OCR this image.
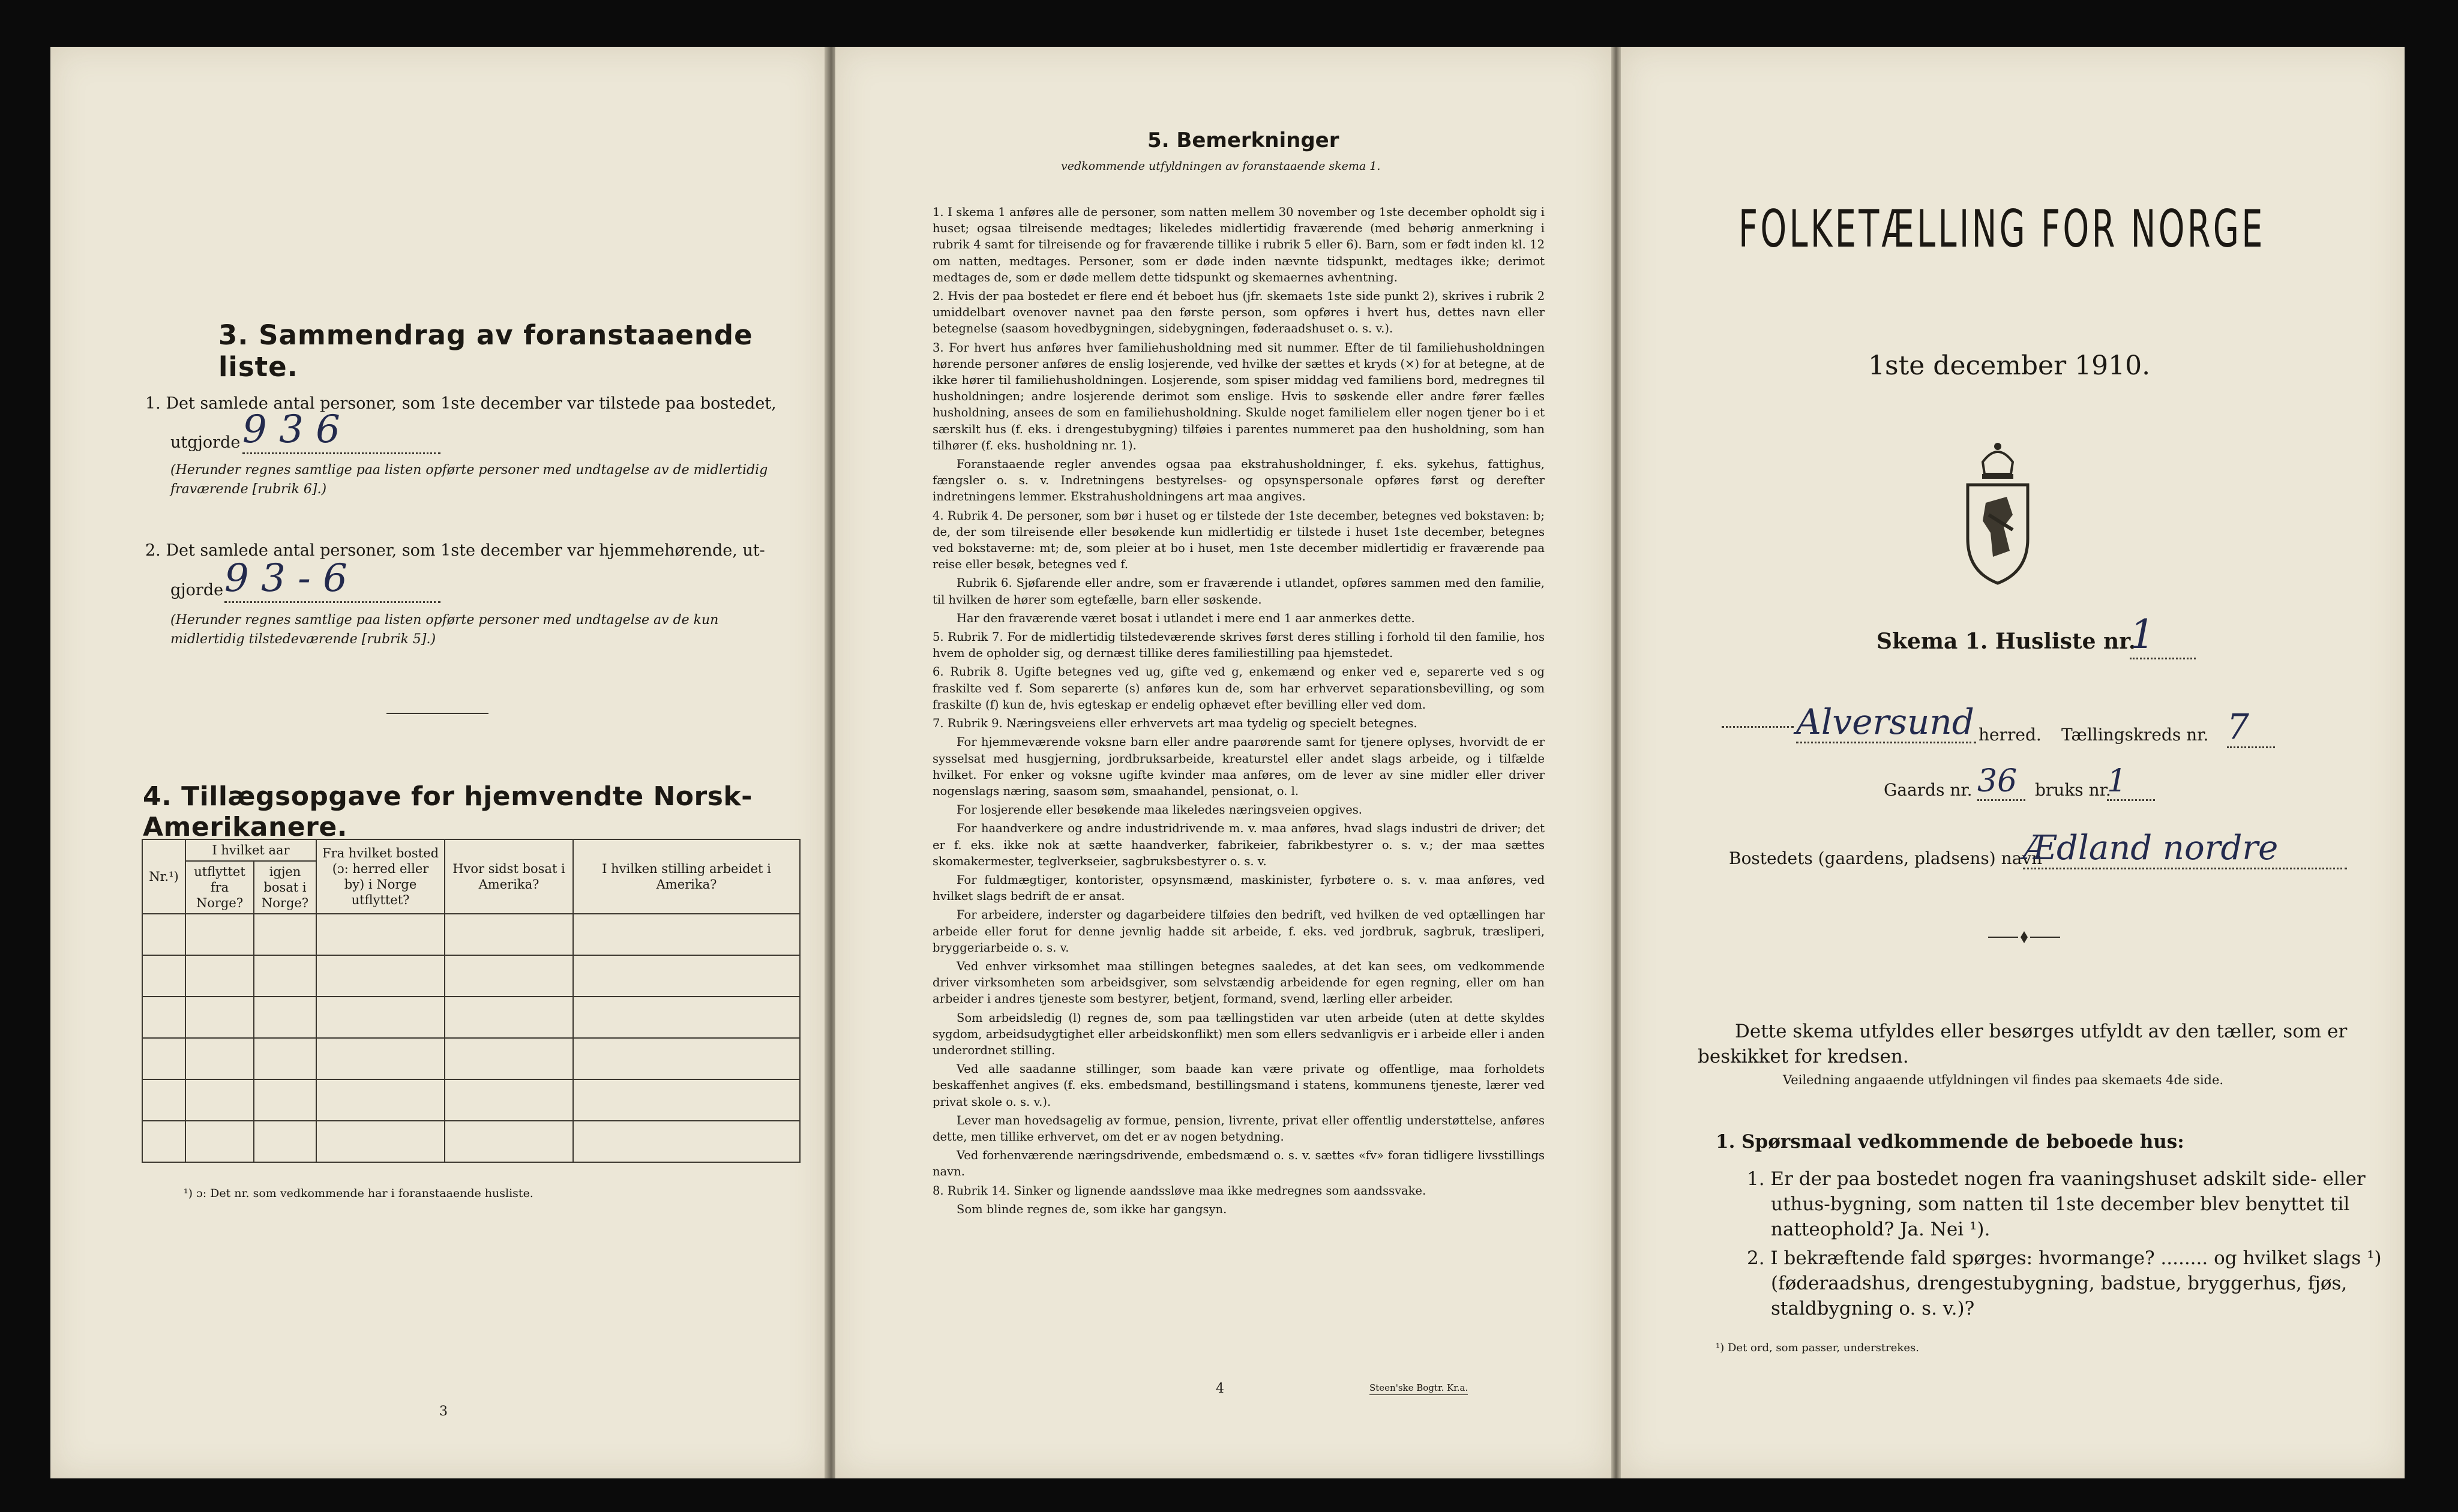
3. Sammendrag av foranstaaende liste.
1. Det samlede antal personer, som 1ste december var tilstede paa bostedet,
utgjorde 9 3 6
(Herunder regnes samtlige paa listen opførte personer med undtagelse av de midlertidig fraværende [rubrik 6].)
2. Det samlede antal personer, som 1ste december var hjemmehørende, ut-
gjorde 9 3 - 6
(Herunder regnes samtlige paa listen opførte personer med undtagelse av de kun midlertidig tilstedeværende [rubrik 5].)
4. Tillægsopgave for hjemvendte Norsk-Amerikanere.
Nr.¹)	I hvilket aar		Fra hvilket bosted (ɔ: herred eller by) i Norge utflyttet?	Hvor sidst bosat i Amerika?	I hvilken stilling arbeidet i Amerika?
	utflyttet fra Norge?	igjen bosat i Norge?			

¹) ɔ: Det nr. som vedkommende har i foranstaaende husliste.
3
5. Bemerkninger
vedkommende utfyldningen av foranstaaende skema 1.

1. I skema 1 anføres alle de personer, som natten mellem 30 november og 1ste december opholdt sig i huset; ogsaa tilreisende medtages; likeledes midlertidig fraværende (med behørig anmerkning i rubrik 4 samt for tilreisende og for fraværende tillike i rubrik 5 eller 6). Barn, som er født inden kl. 12 om natten, medtages. Personer, som er døde inden nævnte tidspunkt, medtages ikke; derimot medtages de, som er døde mellem dette tidspunkt og skemaernes avhentning.

2. Hvis der paa bostedet er flere end ét beboet hus (jfr. skemaets 1ste side punkt 2), skrives i rubrik 2 umiddelbart ovenover navnet paa den første person, som opføres i hvert hus, dettes navn eller betegnelse (saasom hovedbygningen, sidebygningen, føderaadshuset o. s. v.).

3. For hvert hus anføres hver familiehusholdning med sit nummer. Efter de til familiehusholdningen hørende personer anføres de enslig losjerende, ved hvilke der sættes et kryds (×) for at betegne, at de ikke hører til familiehusholdningen. Losjerende, som spiser middag ved familiens bord, medregnes til husholdningen; andre losjerende derimot som enslige. Hvis to søskende eller andre fører fælles husholdning, ansees de som en familiehusholdning. Skulde noget familielem eller nogen tjener bo i et særskilt hus (f. eks. i drengestubygning) tilføies i parentes nummeret paa den husholdning, som han tilhører (f. eks. husholdning nr. 1).

Foranstaaende regler anvendes ogsaa paa ekstrahusholdninger, f. eks. sykehus, fattighus, fængsler o. s. v. Indretningens bestyrelses- og opsynspersonale opføres først og derefter indretningens lemmer. Ekstrahusholdningens art maa angives.

4. Rubrik 4. De personer, som bør i huset og er tilstede der 1ste december, betegnes ved bokstaven: b; de, der som tilreisende eller besøkende kun midlertidig er tilstede i huset 1ste december, betegnes ved bokstaverne: mt; de, som pleier at bo i huset, men 1ste december midlertidig er fraværende paa reise eller besøk, betegnes ved f.

Rubrik 6. Sjøfarende eller andre, som er fraværende i utlandet, opføres sammen med den familie, til hvilken de hører som egtefælle, barn eller søskende.

Har den fraværende været bosat i utlandet i mere end 1 aar anmerkes dette.

5. Rubrik 7. For de midlertidig tilstedeværende skrives først deres stilling i forhold til den familie, hos hvem de opholder sig, og dernæst tillike deres familiestilling paa hjemstedet.

6. Rubrik 8. Ugifte betegnes ved ug, gifte ved g, enkemænd og enker ved e, separerte ved s og fraskilte ved f. Som separerte (s) anføres kun de, som har erhvervet separationsbevilling, og som fraskilte (f) kun de, hvis egteskap er endelig ophævet efter bevilling eller ved dom.

7. Rubrik 9. Næringsveiens eller erhvervets art maa tydelig og specielt betegnes.

For hjemmeværende voksne barn eller andre paarørende samt for tjenere oplyses, hvorvidt de er sysselsat med husgjerning, jordbruksarbeide, kreaturstel eller andet slags arbeide, og i tilfælde hvilket. For enker og voksne ugifte kvinder maa anføres, om de lever av sine midler eller driver nogenslags næring, saasom søm, smaahandel, pensionat, o. l.

For losjerende eller besøkende maa likeledes næringsveien opgives.

For haandverkere og andre industridrivende m. v. maa anføres, hvad slags industri de driver; det er f. eks. ikke nok at sætte haandverker, fabrikeier, fabrikbestyrer o. s. v.; der maa sættes skomakermester, teglverkseier, sagbruksbestyrer o. s. v.

For fuldmægtiger, kontorister, opsynsmænd, maskinister, fyrbøtere o. s. v. maa anføres, ved hvilket slags bedrift de er ansat.

For arbeidere, inderster og dagarbeidere tilføies den bedrift, ved hvilken de ved optællingen har arbeide eller forut for denne jevnlig hadde sit arbeide, f. eks. ved jordbruk, sagbruk, træsliperi, bryggeriarbeide o. s. v.

Ved enhver virksomhet maa stillingen betegnes saaledes, at det kan sees, om vedkommende driver virksomheten som arbeidsgiver, som selvstændig arbeidende for egen regning, eller om han arbeider i andres tjeneste som bestyrer, betjent, formand, svend, lærling eller arbeider.

Som arbeidsledig (l) regnes de, som paa tællingstiden var uten arbeide (uten at dette skyldes sygdom, arbeidsudygtighet eller arbeidskonflikt) men som ellers sedvanligvis er i arbeide eller i anden underordnet stilling.

Ved alle saadanne stillinger, som baade kan være private og offentlige, maa forholdets beskaffenhet angives (f. eks. embedsmand, bestillingsmand i statens, kommunens tjeneste, lærer ved privat skole o. s. v.).

Lever man hovedsagelig av formue, pension, livrente, privat eller offentlig understøttelse, anføres dette, men tillike erhvervet, om det er av nogen betydning.

Ved forhenværende næringsdrivende, embedsmænd o. s. v. sættes «fv» foran tidligere livsstillings navn.

8. Rubrik 14. Sinker og lignende aandssløve maa ikke medregnes som aandssvake.

Som blinde regnes de, som ikke har gangsyn.

4	Steen'ske Bogtr. Kr.a.
FOLKETÆLLING FOR NORGE
1ste december 1910.
Skema 1. Husliste nr.
1
Alversund herred. Tællingskreds nr. 7
Gaards nr. 36	bruks nr.
1
Bostedets (gaardens, pladsens) navn
Ædland nordre
Dette skema utfyldes eller besørges utfyldt av den tæller, som er beskikket for kredsen.
Veiledning angaaende utfyldningen vil findes paa skemaets 4de side.
1. Spørsmaal vedkommende de beboede hus:
1. Er der paa bostedet nogen fra vaaningshuset adskilt side- eller uthus-bygning, som natten til 1ste december blev benyttet til natteophold? Ja. Nei ¹).
2. I bekræftende fald spørges: hvormange? ........ og hvilket slags ¹) (føderaadshus, drengestubygning, badstue, bryggerhus, fjøs, staldbygning o. s. v.)?
¹) Det ord, som passer, understrekes.
